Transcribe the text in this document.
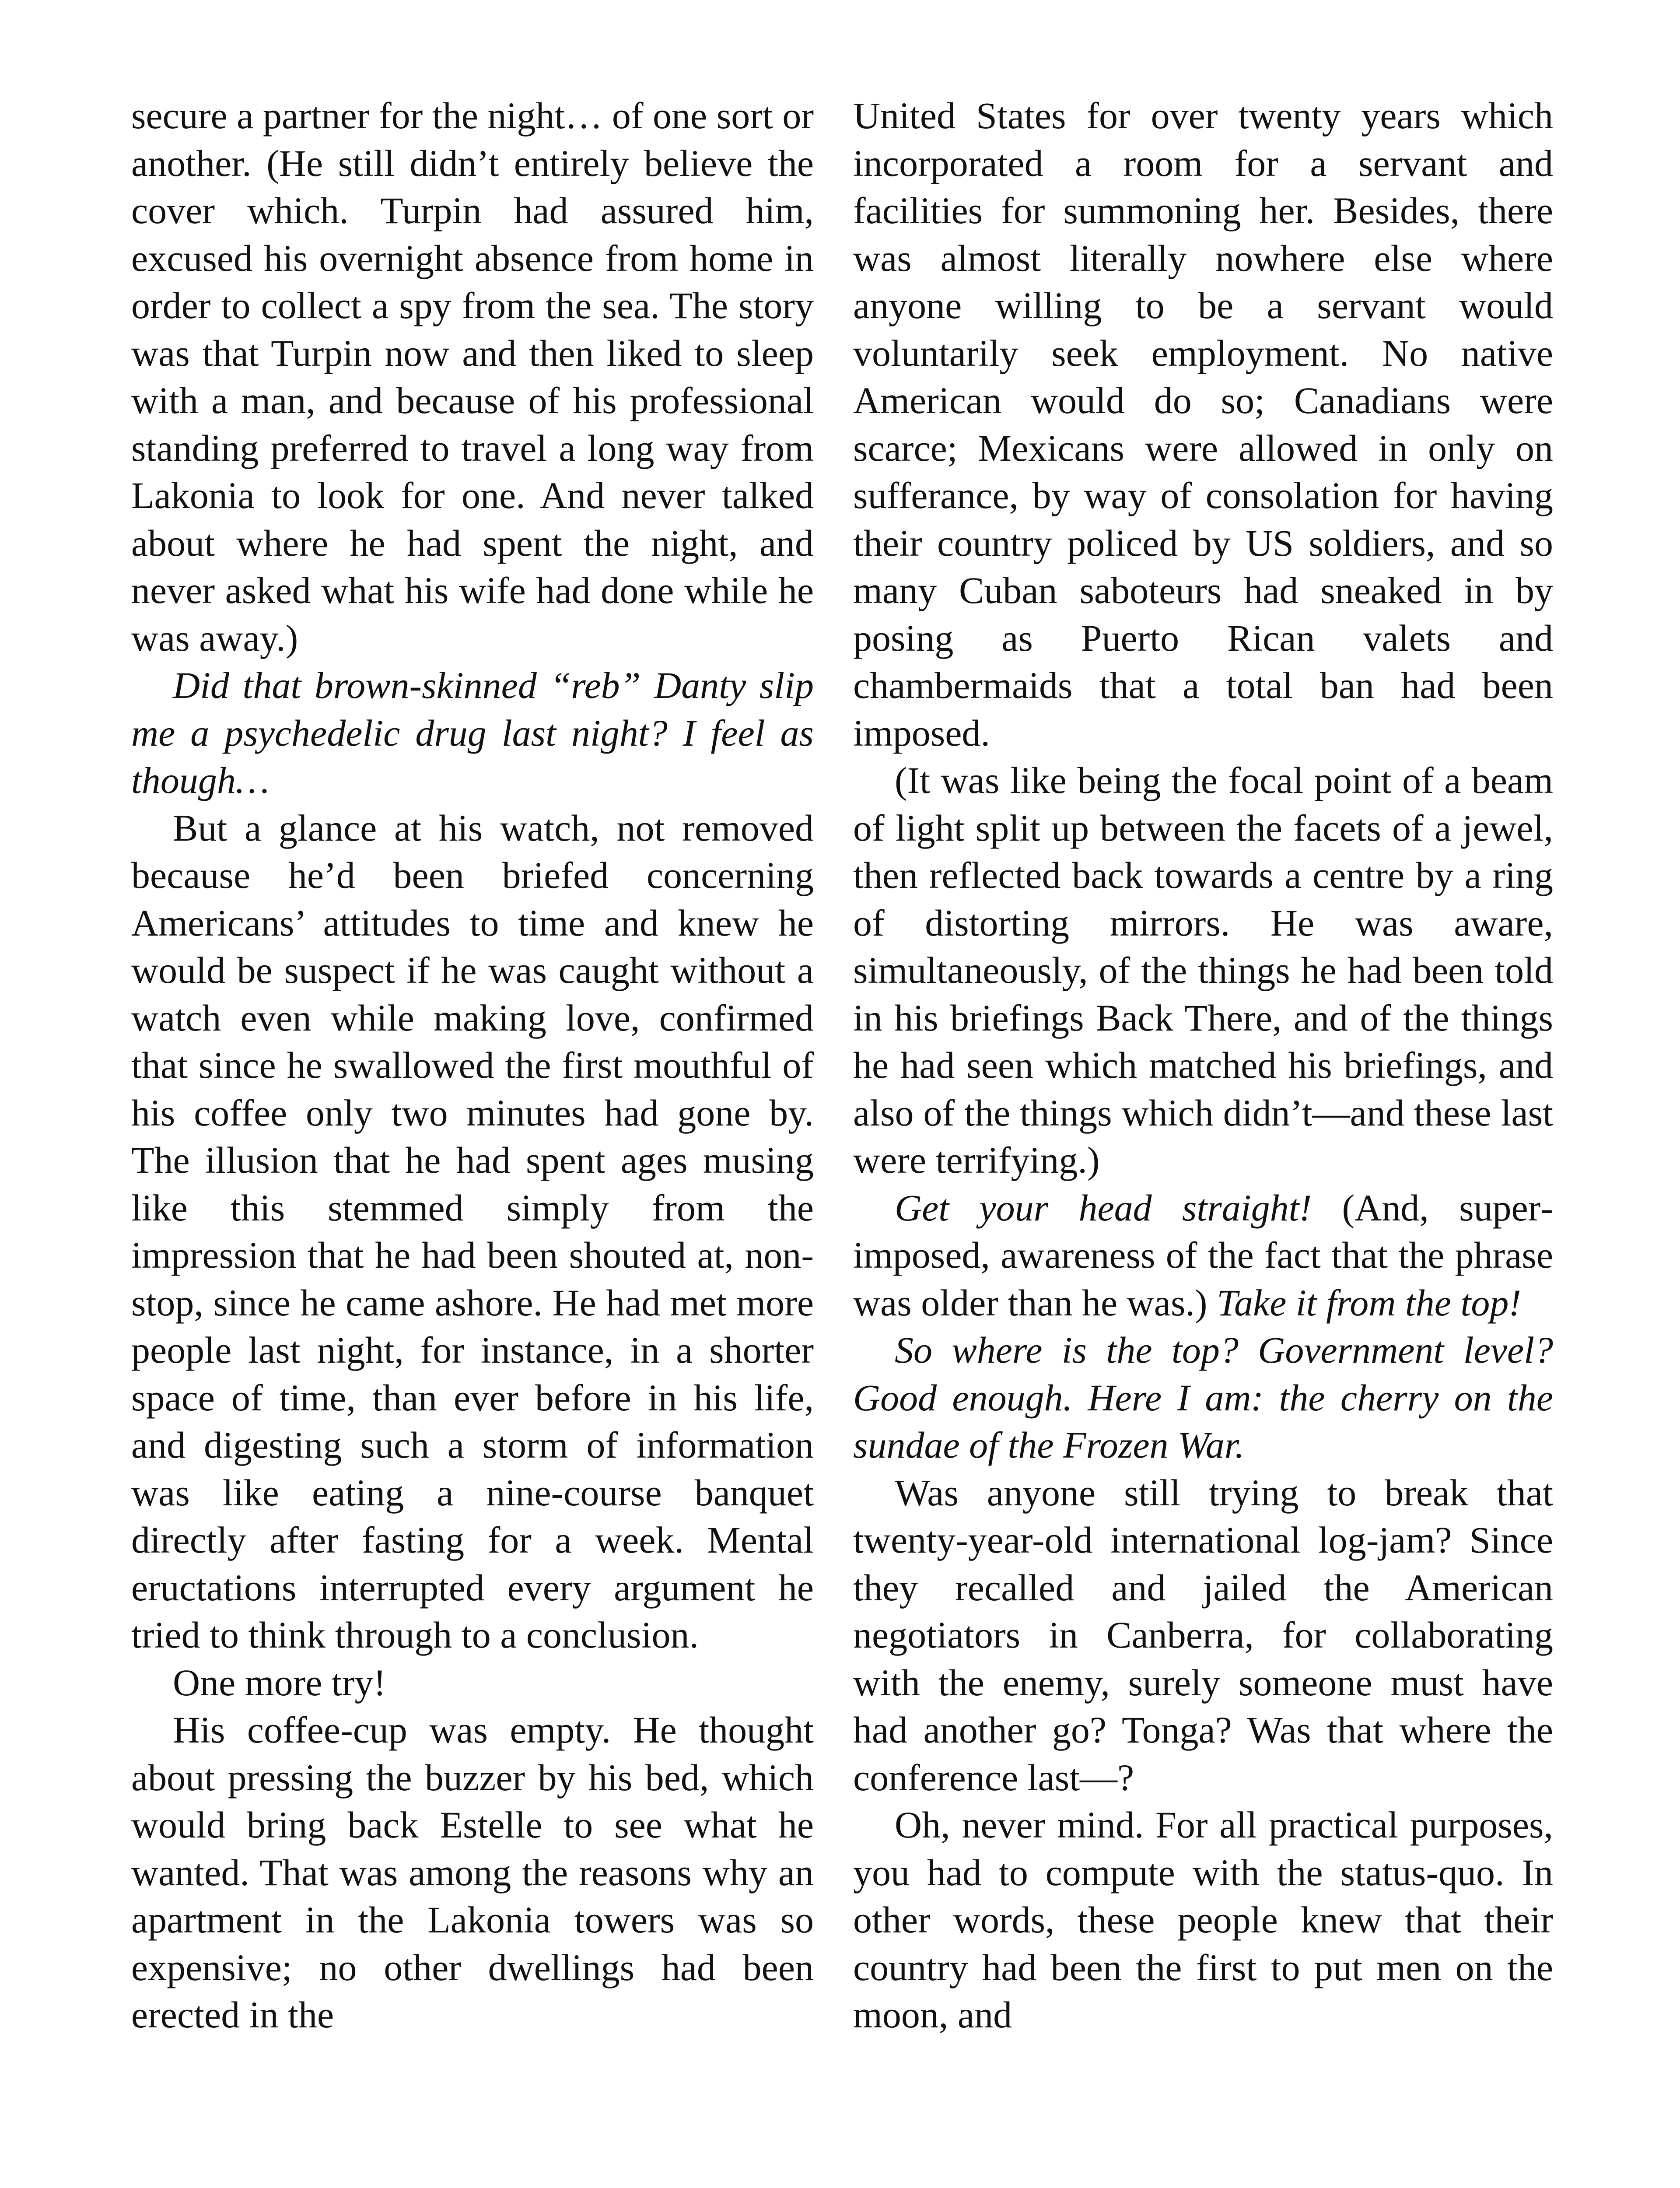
secure a partner for the night… of one sort or another. (He still didn’t entirely believe the cover which. Turpin had assured him, excused his overnight absence from home in order to collect a spy from the sea. The story was that Turpin now and then liked to sleep with a man, and because of his professional standing preferred to travel a long way from Lakonia to look for one. And never talked about where he had spent the night, and never asked what his wife had done while he was away.)

Did that brown-skinned “reb” Danty slip me a psychedelic drug last night? I feel as though…

But a glance at his watch, not removed because he’d been briefed concerning Americans’ attitudes to time and knew he would be suspect if he was caught without a watch even while making love, confirmed that since he swallowed the first mouthful of his coffee only two minutes had gone by. The illusion that he had spent ages musing like this stemmed simply from the impression that he had been shouted at, non-stop, since he came ashore. He had met more people last night, for instance, in a shorter space of time, than ever before in his life, and digesting such a storm of information was like eating a nine-course banquet directly after fasting for a week. Mental eructations interrupted every argument he tried to think through to a conclusion.

One more try!

His coffee-cup was empty. He thought about pressing the buzzer by his bed, which would bring back Estelle to see what he wanted. That was among the reasons why an apartment in the Lakonia towers was so expensive; no other dwellings had been erected in the

United States for over twenty years which incorporated a room for a servant and facilities for summoning her. Besides, there was almost literally nowhere else where anyone willing to be a servant would voluntarily seek employment. No native American would do so; Canadians were scarce; Mexicans were allowed in only on sufferance, by way of consolation for having their country policed by US soldiers, and so many Cuban saboteurs had sneaked in by posing as Puerto Rican valets and chambermaids that a total ban had been imposed.

(It was like being the focal point of a beam of light split up between the facets of a jewel, then reflected back towards a centre by a ring of distorting mirrors. He was aware, simultaneously, of the things he had been told in his briefings Back There, and of the things he had seen which matched his briefings, and also of the things which didn’t—and these last were terrifying.)

Get your head straight! (And, superimposed, awareness of the fact that the phrase was older than he was.) Take it from the top!

So where is the top? Government level? Good enough. Here I am: the cherry on the sundae of the Frozen War.

Was anyone still trying to break that twenty-year-old international log-jam? Since they recalled and jailed the American negotiators in Canberra, for collaborating with the enemy, surely someone must have had another go? Tonga? Was that where the conference last—?

Oh, never mind. For all practical purposes, you had to compute with the status-quo. In other words, these people knew that their country had been the first to put men on the moon, and
